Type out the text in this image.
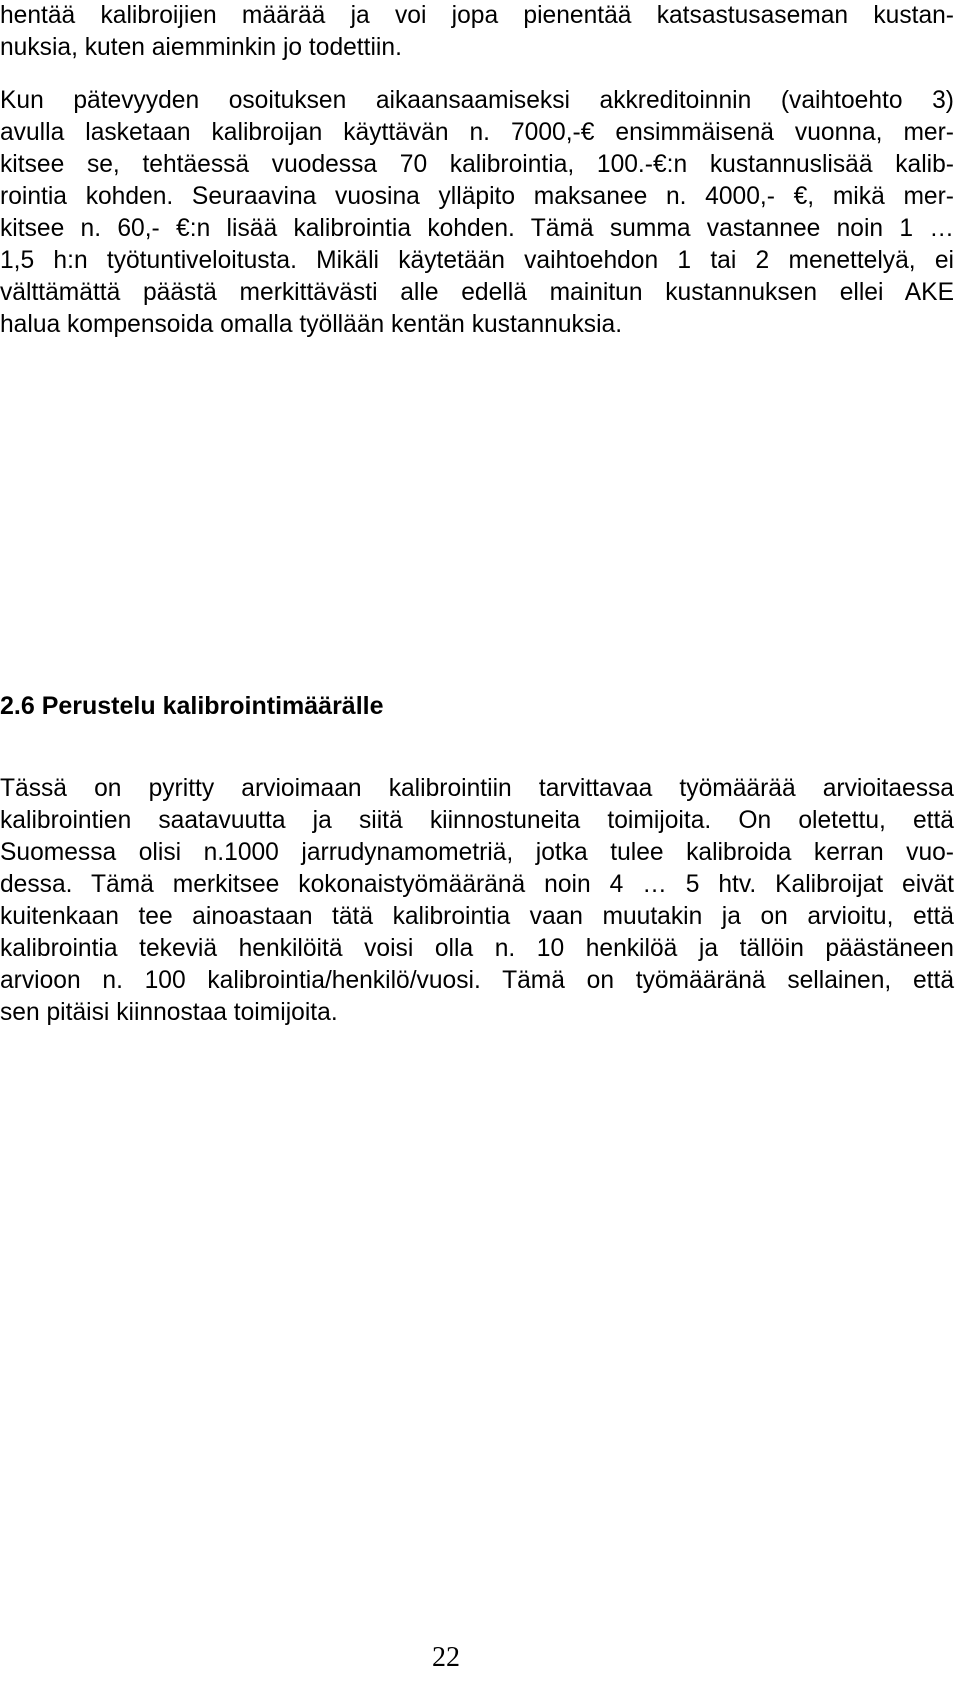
hentää kalibroijien määrää ja voi jopa pienentää katsastusaseman kustan-
nuksia, kuten aiemminkin jo todettiin.
Kun pätevyyden osoituksen aikaansaamiseksi akkreditoinnin (vaihtoehto 3)
avulla lasketaan kalibroijan käyttävän n. 7000,-€ ensimmäisenä vuonna, mer-
kitsee se, tehtäessä vuodessa 70 kalibrointia, 100.-€:n kustannuslisää kalib-
rointia kohden. Seuraavina vuosina ylläpito maksanee n. 4000,- €, mikä mer-
kitsee n. 60,- €:n lisää kalibrointia kohden. Tämä summa vastannee noin 1 …
1,5 h:n työtuntiveloitusta. Mikäli käytetään vaihtoehdon 1 tai 2 menettelyä, ei
välttämättä päästä merkittävästi alle edellä mainitun kustannuksen ellei AKE
halua kompensoida omalla työllään kentän kustannuksia.
2.6 Perustelu kalibrointimäärälle
Tässä on pyritty arvioimaan kalibrointiin tarvittavaa työmäärää arvioitaessa
kalibrointien saatavuutta ja siitä kiinnostuneita toimijoita. On oletettu, että
Suomessa olisi n.1000 jarrudynamometriä, jotka tulee kalibroida kerran vuo-
dessa. Tämä merkitsee kokonaistyömääränä noin 4 … 5 htv. Kalibroijat eivät
kuitenkaan tee ainoastaan tätä kalibrointia vaan muutakin ja on arvioitu, että
kalibrointia tekeviä henkilöitä voisi olla n. 10 henkilöä ja tällöin päästäneen
arvioon n. 100 kalibrointia/henkilö/vuosi. Tämä on työmääränä sellainen, että
sen pitäisi kiinnostaa toimijoita.
22
